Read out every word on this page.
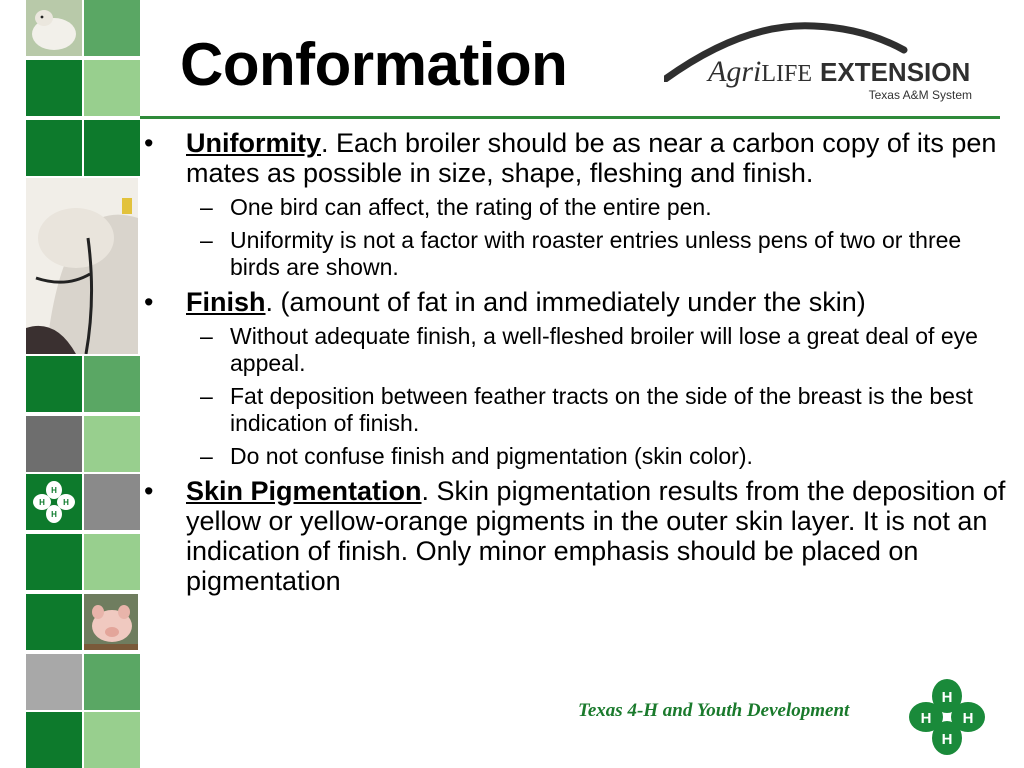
H
H
H H
Conformation	AgriLIFE EXTENSION
Texas A&M System
• Uniformity. Each broiler should be as near a carbon copy of its pen mates as possible in size, shape, fleshing and finish.
– One bird can affect, the rating of the entire pen.
– Uniformity is not a factor with roaster entries unless pens of two or three birds are shown.
• Finish. (amount of fat in and immediately under the skin)
– Without adequate finish, a well-fleshed broiler will lose a great deal of eye appeal.
– Fat deposition between feather tracts on the side of the breast is the best indication of finish.
– Do not confuse finish and pigmentation (skin color).
• Skin Pigmentation. Skin pigmentation results from the deposition of yellow or yellow-orange pigments in the outer skin layer. It is not an indication of finish. Only minor emphasis should be placed on pigmentation
Texas 4-H and Youth Development
H
H
H H
